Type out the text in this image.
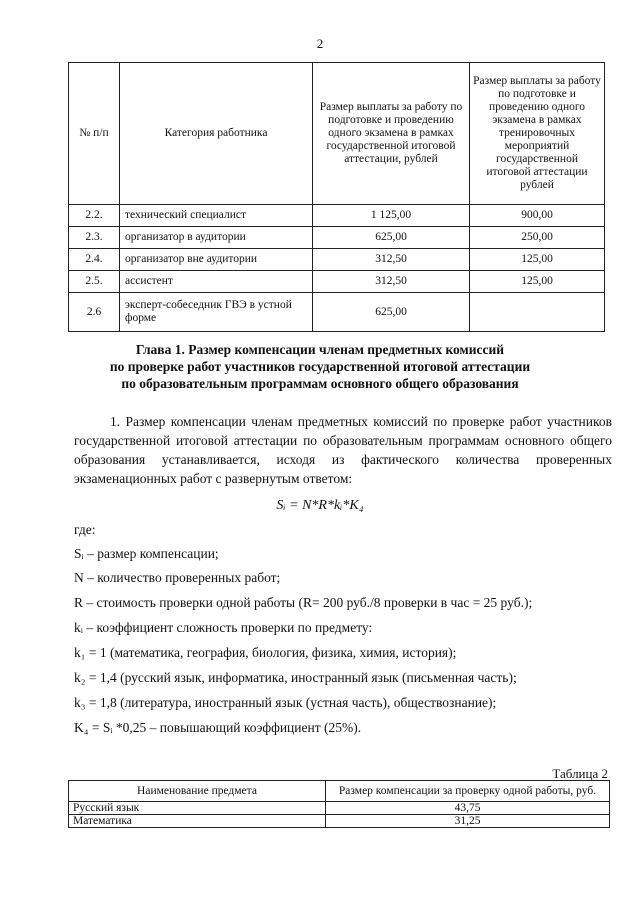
2
№ п/п	Категория работника	Размер выплаты за работу по подготовке и проведению одного экзамена в рамках государственной итоговой аттестации, рублей	Размер выплаты за работу по подготовке и проведению одного экзамена в рамках тренировочных мероприятий государственной итоговой аттестации рублей
2.2.	технический специалист	1 125,00	900,00
2.3.	организатор в аудитории	625,00	250,00
2.4.	организатор вне аудитории	312,50	125,00
2.5.	ассистент	312,50	125,00
2.6	эксперт-собеседник ГВЭ в устной форме	625,00	
Глава 1. Размер компенсации членам предметных комиссий
по проверке работ участников государственной итоговой аттестации
по образовательным программам основного общего образования
1. Размер компенсации членам предметных комиссий по проверке работ участников государственной итоговой аттестации по образовательным программам основного общего образования устанавливается, исходя из фактического количества проверенных экзаменационных работ с развернутым ответом:
Sᵢ = N*R*kᵢ*K₄
где:
Sᵢ – размер компенсации;
N – количество проверенных работ;
R – стоимость проверки одной работы (R= 200 руб./8 проверки в час = 25 руб.);
kᵢ – коэффициент сложность проверки по предмету:
k₁ = 1 (математика, география, биология, физика, химия, история);
k₂ = 1,4 (русский язык, информатика, иностранный язык (письменная часть);
k₃ = 1,8 (литература, иностранный язык (устная часть), обществознание);
K₄ = Sᵢ *0,25 – повышающий коэффициент (25%).
Таблица 2
Наименование предмета	Размер компенсации за проверку одной работы, руб.
Русский язык	43,75
Математика	31,25
